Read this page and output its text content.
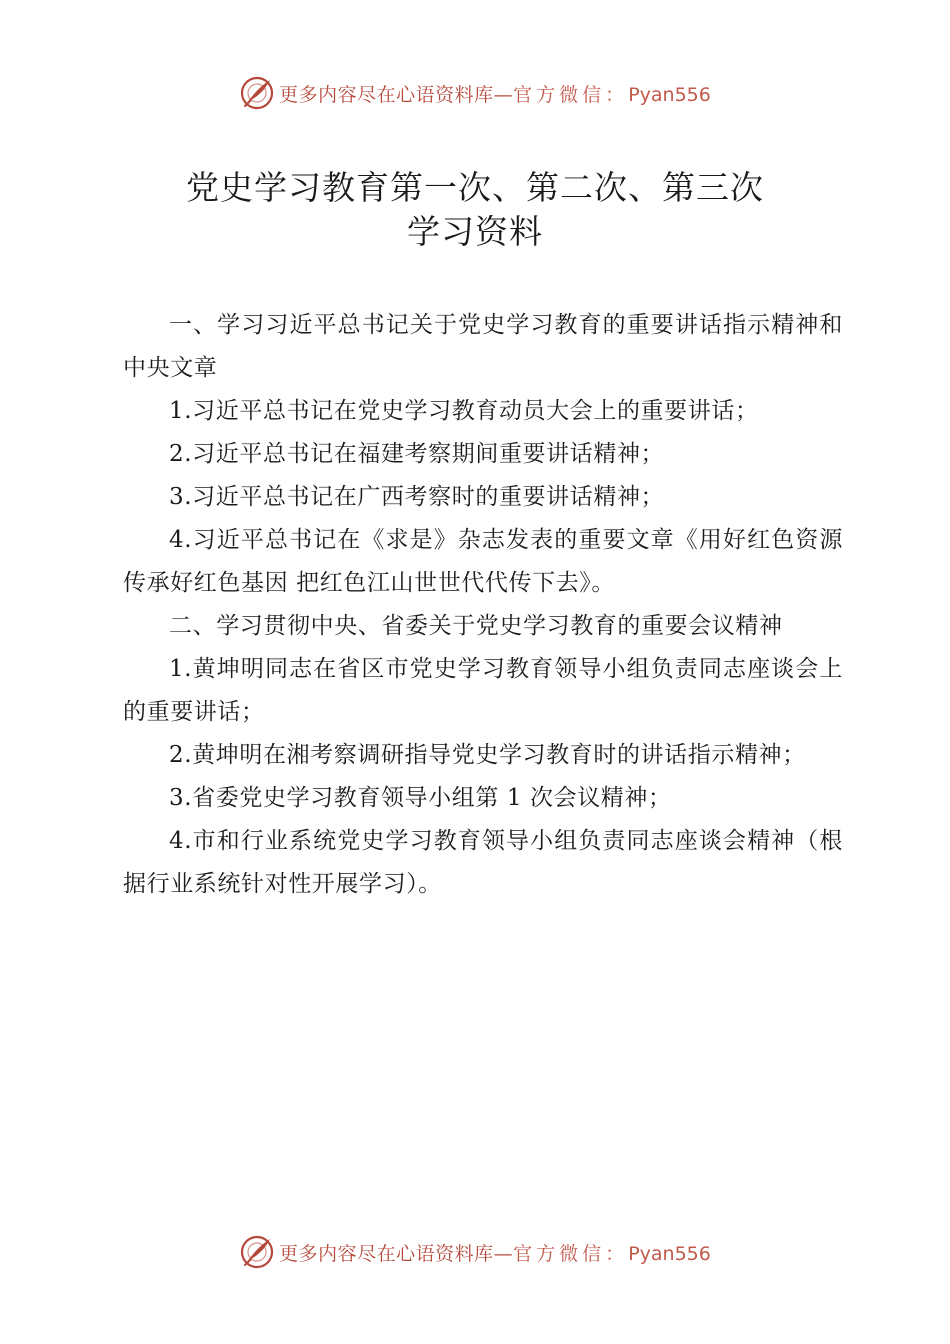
更多内容尽在心语资料库—官方微信：Pyan556
党史学习教育第一次、第二次、第三次
学习资料

一、学习习近平总书记关于党史学习教育的重要讲话指示精神和中央文章

1.习近平总书记在党史学习教育动员大会上的重要讲话；

2.习近平总书记在福建考察期间重要讲话精神；

3.习近平总书记在广西考察时的重要讲话精神；

4.习近平总书记在《求是》杂志发表的重要文章《用好红色资源 传承好红色基因 把红色江山世世代代传下去》。

二、学习贯彻中央、省委关于党史学习教育的重要会议精神

1.黄坤明同志在省区市党史学习教育领导小组负责同志座谈会上的重要讲话；

2.黄坤明在湘考察调研指导党史学习教育时的讲话指示精神；

3.省委党史学习教育领导小组第 1 次会议精神；

4.市和行业系统党史学习教育领导小组负责同志座谈会精神（根据行业系统针对性开展学习）。

更多内容尽在心语资料库—官方微信：Pyan556
